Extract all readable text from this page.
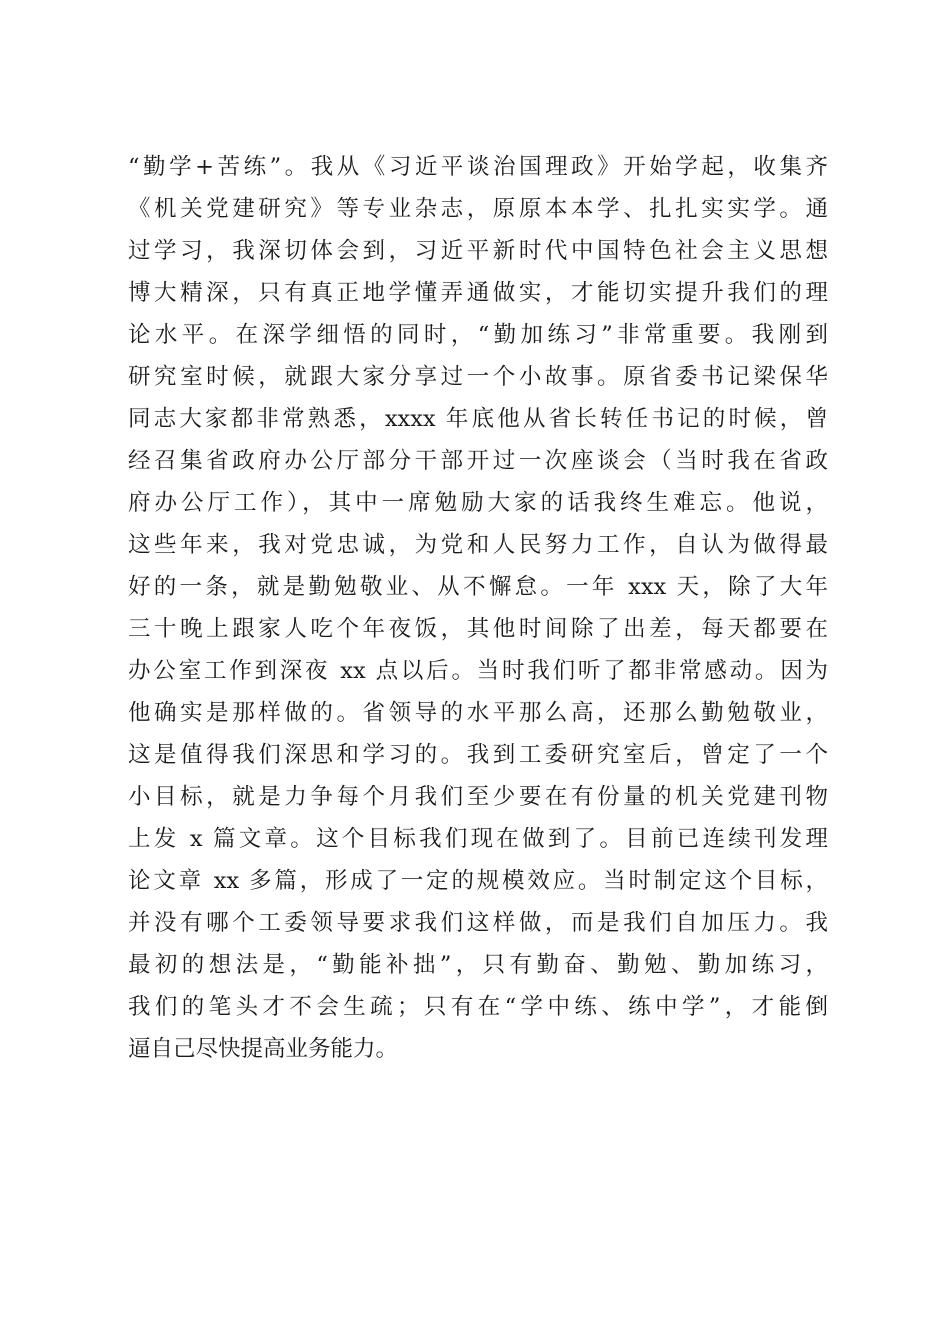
“勤学+苦练”。我从《习近平谈治国理政》开始学起，收集齐
《机关党建研究》等专业杂志，原原本本学、扎扎实实学。通
过学习，我深切体会到，习近平新时代中国特色社会主义思想
博大精深，只有真正地学懂弄通做实，才能切实提升我们的理
论水平。在深学细悟的同时，“勤加练习”非常重要。我刚到
研究室时候，就跟大家分享过一个小故事。原省委书记梁保华
同志大家都非常熟悉，xxxx 年底他从省长转任书记的时候，曾
经召集省政府办公厅部分干部开过一次座谈会（当时我在省政
府办公厅工作），其中一席勉励大家的话我终生难忘。他说，
这些年来，我对党忠诚，为党和人民努力工作，自认为做得最
好的一条，就是勤勉敬业、从不懈怠。一年 xxx 天，除了大年
三十晚上跟家人吃个年夜饭，其他时间除了出差，每天都要在
办公室工作到深夜 xx 点以后。当时我们听了都非常感动。因为
他确实是那样做的。省领导的水平那么高，还那么勤勉敬业，
这是值得我们深思和学习的。我到工委研究室后，曾定了一个
小目标，就是力争每个月我们至少要在有份量的机关党建刊物
上发 x 篇文章。这个目标我们现在做到了。目前已连续刊发理
论文章 xx 多篇，形成了一定的规模效应。当时制定这个目标，
并没有哪个工委领导要求我们这样做，而是我们自加压力。我
最初的想法是，“勤能补拙”，只有勤奋、勤勉、勤加练习，
我们的笔头才不会生疏；只有在“学中练、练中学”，才能倒
逼自己尽快提高业务能力。
